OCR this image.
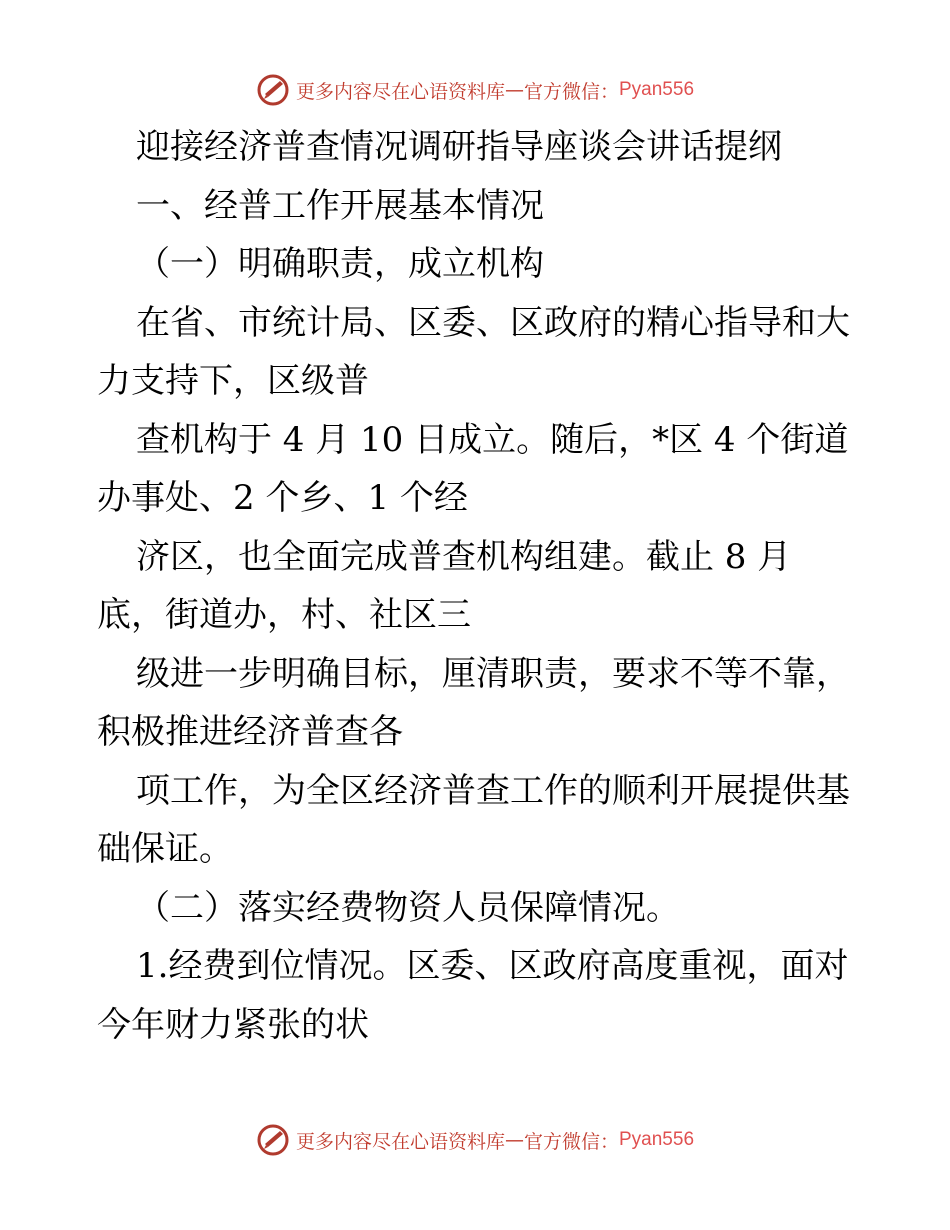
更多内容尽在心语资料库 — 官方微信： Pyan556
迎接经济普查情况调研指导座谈会讲话提纲
一、经普工作开展基本情况
（一）明确职责，成立机构
在省、市统计局、区委、区政府的精心指导和大
力支持下，区级普
查机构于 4 月 10 日成立。随后，*区 4 个街道
办事处、2 个乡、1 个经
济区，也全面完成普查机构组建。截止 8 月
底，街道办，村、社区三
级进一步明确目标，厘清职责，要求不等不靠，
积极推进经济普查各
项工作，为全区经济普查工作的顺利开展提供基
础保证。
（二）落实经费物资人员保障情况。
1.经费到位情况。区委、区政府高度重视，面对
今年财力紧张的状
更多内容尽在心语资料库 — 官方微信： Pyan556
